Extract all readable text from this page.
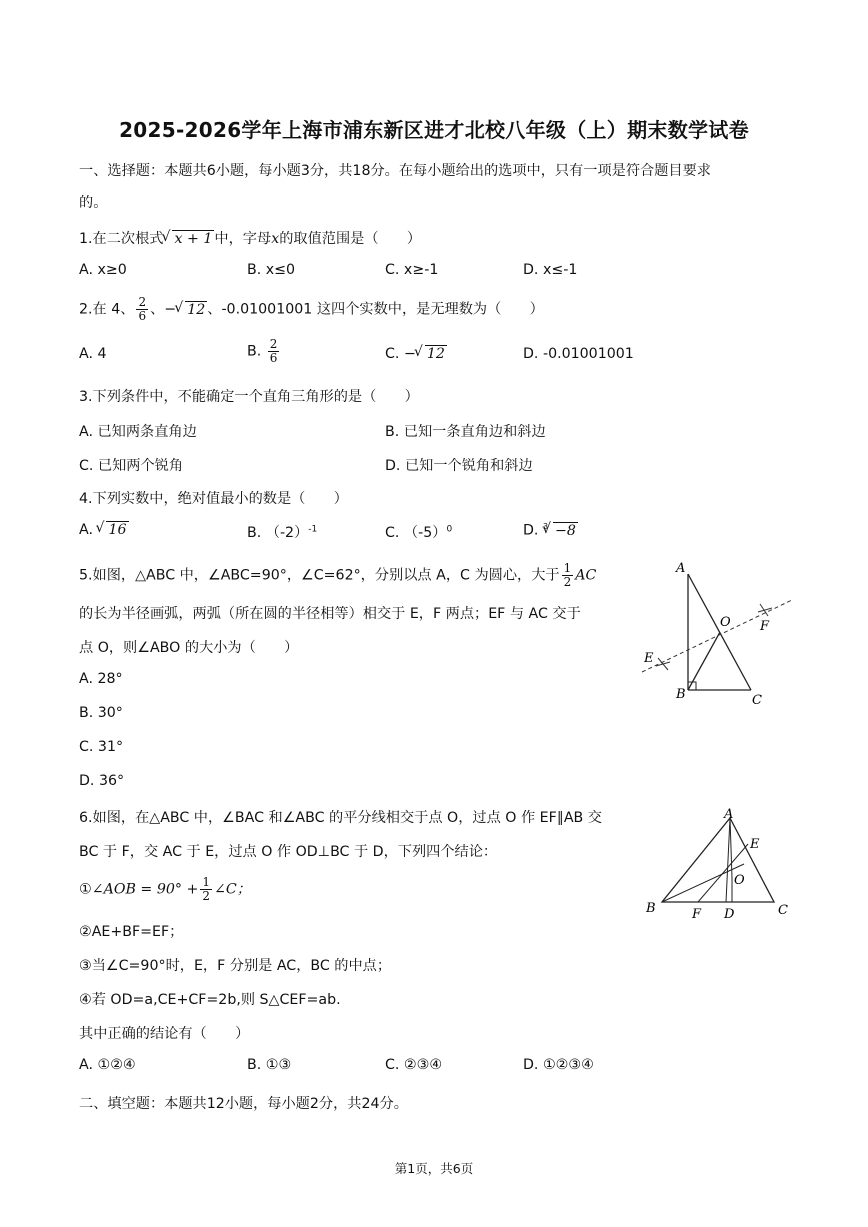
2025-2026学年上海市浦东新区进才北校八年级（上）期末数学试卷
一、选择题：本题共6小题，每小题3分，共18分。在每小题给出的选项中，只有一项是符合题目要求
的。
1.在二次根式 √ x + 1 中，字母x的取值范围是（　　）
A. x≥0	B. x≤0	C. x≥-1	D. x≤-1
2.在 4、 $\frac{2}{6}$ 、− √ 12 、-0.01001001 这四个实数中，是无理数为（　　）
A. 4	B. $\frac{2}{6}$	C. − √ 12	D. -0.01001001
3.下列条件中，不能确定一个直角三角形的是（　　）
A. 已知两条直角边	B. 已知一条直角边和斜边
C. 已知两个锐角	D. 已知一个锐角和斜边
4.下列实数中，绝对值最小的数是（　　）
A. √ 16	B. $(-2)^{-1}$	C. $(-5)^0$	D. $^3$ √ −8
5.如图，△ABC 中，∠ABC=90°，∠C=62°，分别以点 A，C 为圆心，大于 $\frac{1}{2}$ AC
的长为半径画弧，两弧（所在圆的半径相等）相交于 E，F 两点；EF 与 AC 交于
点 O，则∠ABO 的大小为（　　）
A. 28°
B. 30°
C. 31°
D. 36°
A
O F
E
B	C
6.如图，在△ABC 中，∠BAC 和∠ABC 的平分线相交于点 O，过点 O 作 EF∥AB 交
BC 于 F，交 AC 于 E，过点 O 作 OD⊥BC 于 D，下列四个结论：
①∠AOB = $90^\circ + \frac{1}{2}$ ∠C；
②AE+BF=EF；
③当∠C=90°时，E，F 分别是 AC，BC 的中点；
④若 OD=a,CE+CF=2b,则 S△CEF=ab.
其中正确的结论有（　　）
A. ①②④	B. ①③	C. ②③④	D. ①②③④
A
E
O
B	F D	C
二、填空题：本题共12小题，每小题2分，共24分。
第1页，共6页
